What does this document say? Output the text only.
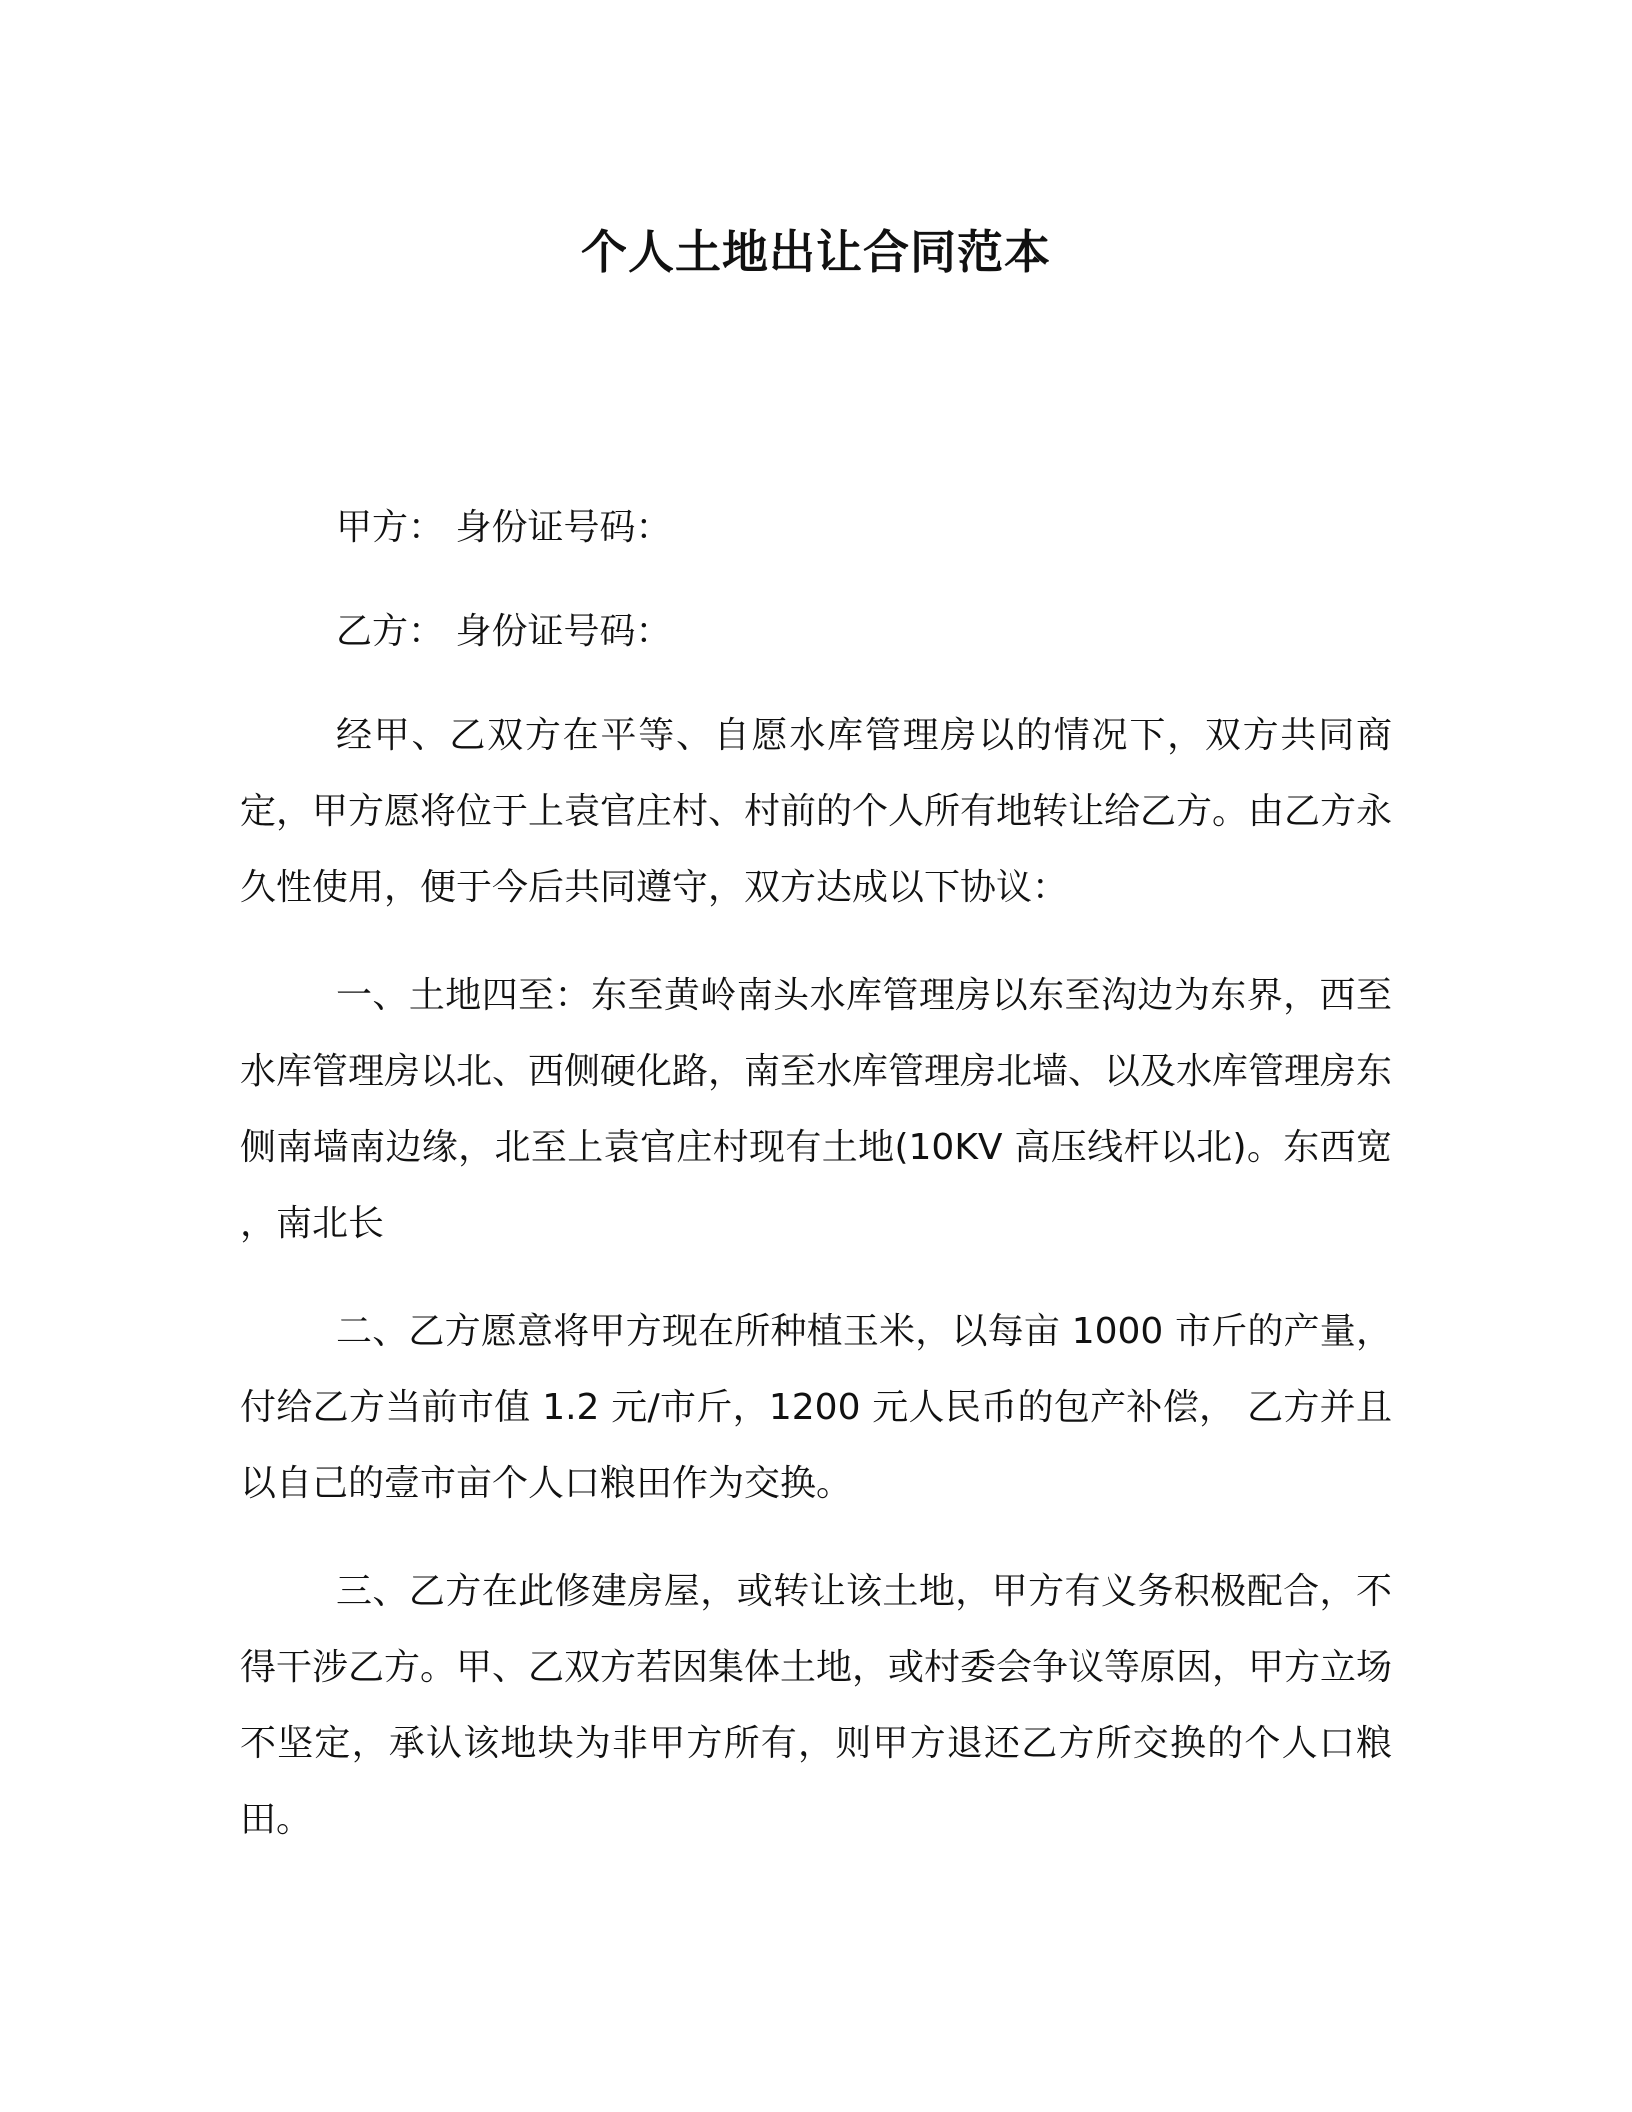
个人土地出让合同范本

甲方： 身份证号码：

乙方： 身份证号码：

经甲、乙双方在平等、自愿水库管理房以的情况下，双方共同商定，甲方愿将位于上袁官庄村、村前的个人所有地转让给乙方。由乙方永久性使用，便于今后共同遵守，双方达成以下协议：

一、土地四至：东至黄岭南头水库管理房以东至沟边为东界，西至水库管理房以北、西侧硬化路，南至水库管理房北墙、以及水库管理房东侧南墙南边缘，北至上袁官庄村现有土地(10KV 高压线杆以北)。东西宽 ，南北长

二、乙方愿意将甲方现在所种植玉米，以每亩 1000 市斤的产量，付给乙方当前市值 1.2 元/市斤，1200 元人民币的包产补偿， 乙方并且以自己的壹市亩个人口粮田作为交换。

三、乙方在此修建房屋，或转让该土地，甲方有义务积极配合，不得干涉乙方。甲、乙双方若因集体土地，或村委会争议等原因，甲方立场不坚定，承认该地块为非甲方所有，则甲方退还乙方所交换的个人口粮田。
